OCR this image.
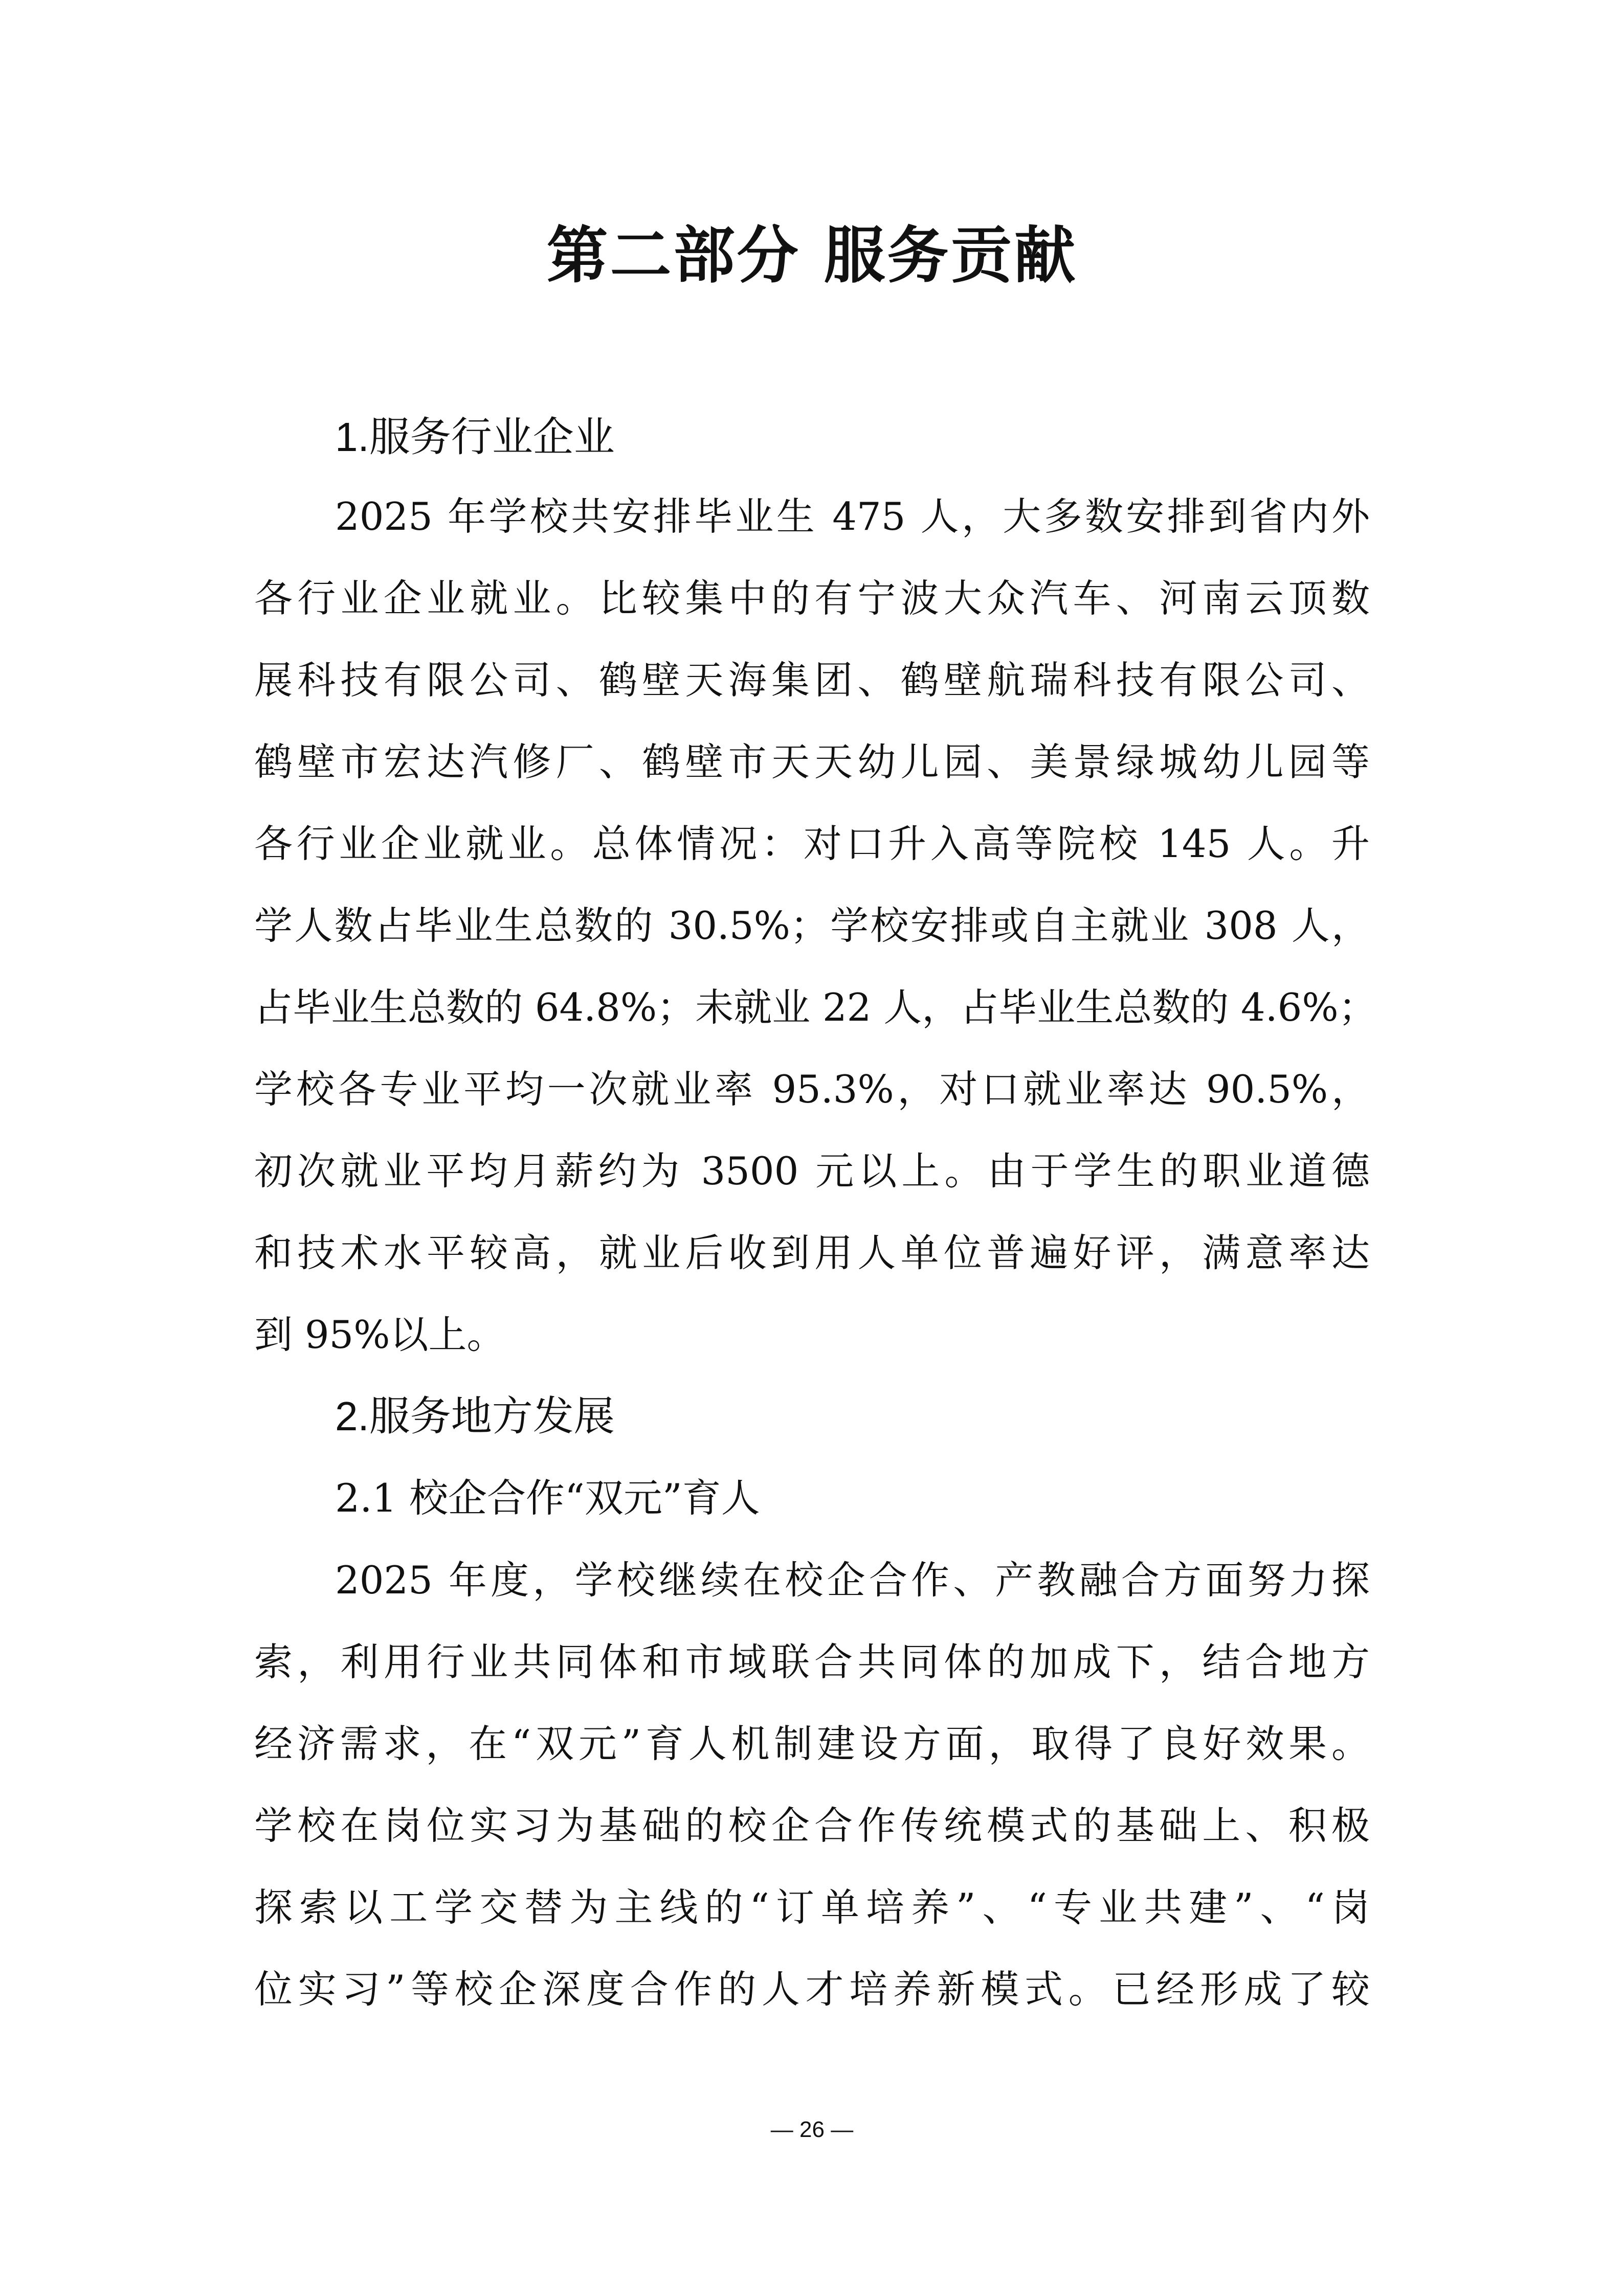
第二部分 服务贡献
1.服务行业企业
2025 年学校共安排毕业生 475 人，大多数安排到省内外
各行业企业就业。比较集中的有宁波大众汽车、河南云顶数
展科技有限公司、鹤壁天海集团、鹤壁航瑞科技有限公司、
鹤壁市宏达汽修厂、鹤壁市天天幼儿园、美景绿城幼儿园等
各行业企业就业。总体情况：对口升入高等院校 145 人。升
学人数占毕业生总数的 30.5%；学校安排或自主就业 308 人，
占毕业生总数的 64.8%；未就业 22 人，占毕业生总数的 4.6%；
学校各专业平均一次就业率 95.3%，对口就业率达 90.5%，
初次就业平均月薪约为 3500 元以上。由于学生的职业道德
和技术水平较高，就业后收到用人单位普遍好评，满意率达
到 95%以上。
2.服务地方发展
2.1 校企合作“双元”育人
2025 年度，学校继续在校企合作、产教融合方面努力探
索，利用行业共同体和市域联合共同体的加成下，结合地方
经济需求，在“双元”育人机制建设方面，取得了良好效果。
学校在岗位实习为基础的校企合作传统模式的基础上、积极
探索以工学交替为主线的“订单培养”、“专业共建”、“岗
位实习”等校企深度合作的人才培养新模式。已经形成了较
— 26 —
